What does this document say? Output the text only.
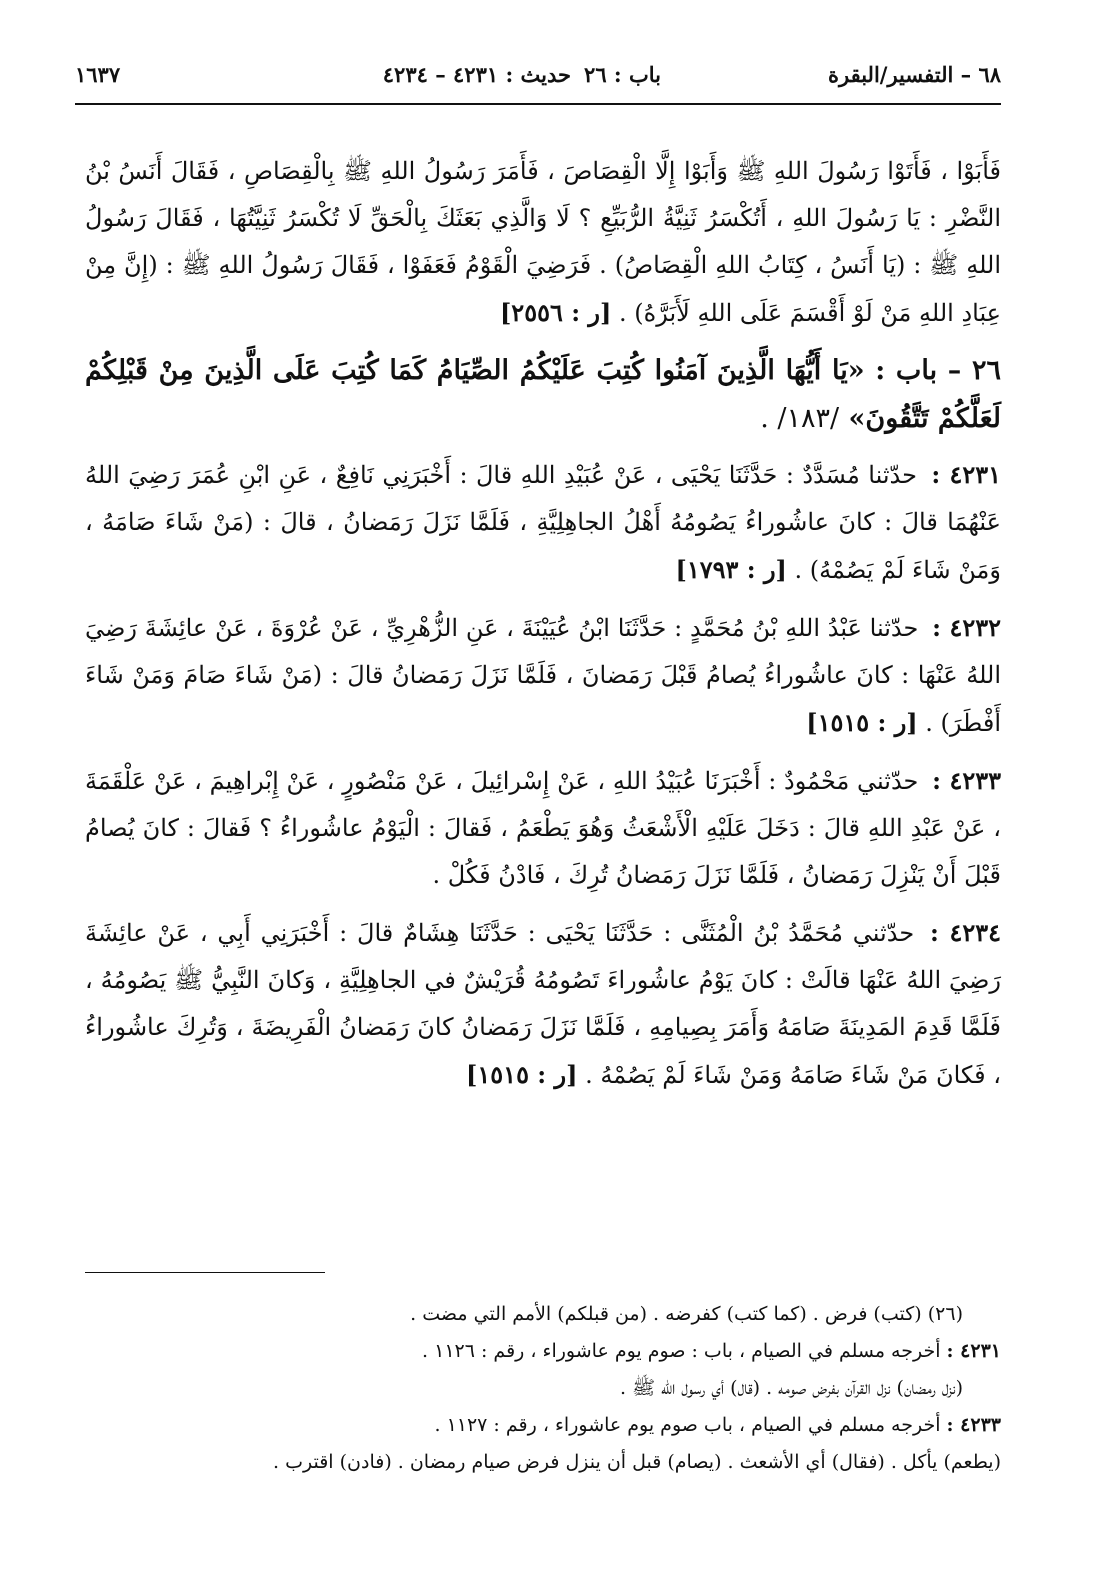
٦٨ – التفسير/البقرة
باب : ٢٦
حديث : ٤٢٣١ – ٤٢٣٤
١٦٣٧

فَأَبَوْا ، فَأَتَوْا رَسُولَ اللهِ ﷺ وَأَبَوْا إِلَّا الْقِصَاصَ ، فَأَمَرَ رَسُولُ اللهِ ﷺ بِالْقِصَاصِ ، فَقَالَ أَنَسُ بْنُ النَّضْرِ : يَا رَسُولَ اللهِ ، أَتُكْسَرُ ثَنِيَّةُ الرُّبَيِّعِ ؟ لَا وَالَّذِي بَعَثَكَ بِالْحَقِّ لَا تُكْسَرُ ثَنِيَّتُهَا ، فَقَالَ رَسُولُ اللهِ ﷺ : (يَا أَنَسُ ، كِتَابُ اللهِ الْقِصَاصُ) . فَرَضِيَ الْقَوْمُ فَعَفَوْا ، فَقَالَ رَسُولُ اللهِ ﷺ : (إِنَّ مِنْ عِبَادِ اللهِ مَنْ لَوْ أَقْسَمَ عَلَى اللهِ لَأَبَرَّهُ) . [ر : ٢٥٥٦]

٢٦ – باب : «يَا أَيُّهَا الَّذِينَ آمَنُوا كُتِبَ عَلَيْكُمُ الصِّيَامُ كَمَا كُتِبَ عَلَى الَّذِينَ مِنْ قَبْلِكُمْ لَعَلَّكُمْ تَتَّقُونَ» /١٨٣/ .

٤٢٣١ : حدّثنا مُسَدَّدٌ : حَدَّثَنَا يَحْيَى ، عَنْ عُبَيْدِ اللهِ قالَ : أَخْبَرَنِي نَافِعٌ ، عَنِ ابْنِ عُمَرَ رَضِيَ اللهُ عَنْهُمَا قالَ : كانَ عاشُوراءُ يَصُومُهُ أَهْلُ الجاهِلِيَّةِ ، فَلَمَّا نَزَلَ رَمَضانُ ، قالَ : (مَنْ شَاءَ صَامَهُ ، وَمَنْ شَاءَ لَمْ يَصُمْهُ) . [ر : ١٧٩٣]

٤٢٣٢ : حدّثنا عَبْدُ اللهِ بْنُ مُحَمَّدٍ : حَدَّثَنَا ابْنُ عُيَيْنَةَ ، عَنِ الزُّهْرِيِّ ، عَنْ عُرْوَةَ ، عَنْ عائِشَةَ رَضِيَ اللهُ عَنْهَا : كانَ عاشُوراءُ يُصامُ قَبْلَ رَمَضانَ ، فَلَمَّا نَزَلَ رَمَضانُ قالَ : (مَنْ شَاءَ صَامَ وَمَنْ شَاءَ أَفْطَرَ) . [ر : ١٥١٥]

٤٢٣٣ : حدّثني مَحْمُودٌ : أَخْبَرَنَا عُبَيْدُ اللهِ ، عَنْ إِسْرائِيلَ ، عَنْ مَنْصُورٍ ، عَنْ إِبْراهِيمَ ، عَنْ عَلْقَمَةَ ، عَنْ عَبْدِ اللهِ قالَ : دَخَلَ عَلَيْهِ الْأَشْعَثُ وَهُوَ يَطْعَمُ ، فَقالَ : الْيَوْمُ عاشُوراءُ ؟ فَقالَ : كانَ يُصامُ قَبْلَ أَنْ يَنْزِلَ رَمَضانُ ، فَلَمَّا نَزَلَ رَمَضانُ تُرِكَ ، فَادْنُ فَكُلْ .

٤٢٣٤ : حدّثني مُحَمَّدُ بْنُ الْمُثَنَّى : حَدَّثَنَا يَحْيَى : حَدَّثَنَا هِشَامٌ قالَ : أَخْبَرَنِي أَبِي ، عَنْ عائِشَةَ رَضِيَ اللهُ عَنْهَا قالَتْ : كانَ يَوْمُ عاشُوراءَ تَصُومُهُ قُرَيْشٌ في الجاهِلِيَّةِ ، وَكانَ النَّبِيُّ ﷺ يَصُومُهُ ، فَلَمَّا قَدِمَ المَدِينَةَ صَامَهُ وَأَمَرَ بِصِيامِهِ ، فَلَمَّا نَزَلَ رَمَضانُ كانَ رَمَضانُ الْفَرِيضَةَ ، وَتُرِكَ عاشُوراءُ ، فَكانَ مَنْ شَاءَ صَامَهُ وَمَنْ شَاءَ لَمْ يَصُمْهُ . [ر : ١٥١٥]

(٢٦) (كتب) فرض . (كما كتب) كفرضه . (من قبلكم) الأمم التي مضت .

٤٢٣١ : أخرجه مسلم في الصيام ، باب : صوم يوم عاشوراء ، رقم : ١١٢٦ .

(نزل رمضان) نزل القرآن بفرض صومه . (قال) أي رسول الله ﷺ .

٤٢٣٣ : أخرجه مسلم في الصيام ، باب صوم يوم عاشوراء ، رقم : ١١٢٧ .

(يطعم) يأكل . (فقال) أي الأشعث . (يصام) قبل أن ينزل فرض صيام رمضان . (فادن) اقترب .
